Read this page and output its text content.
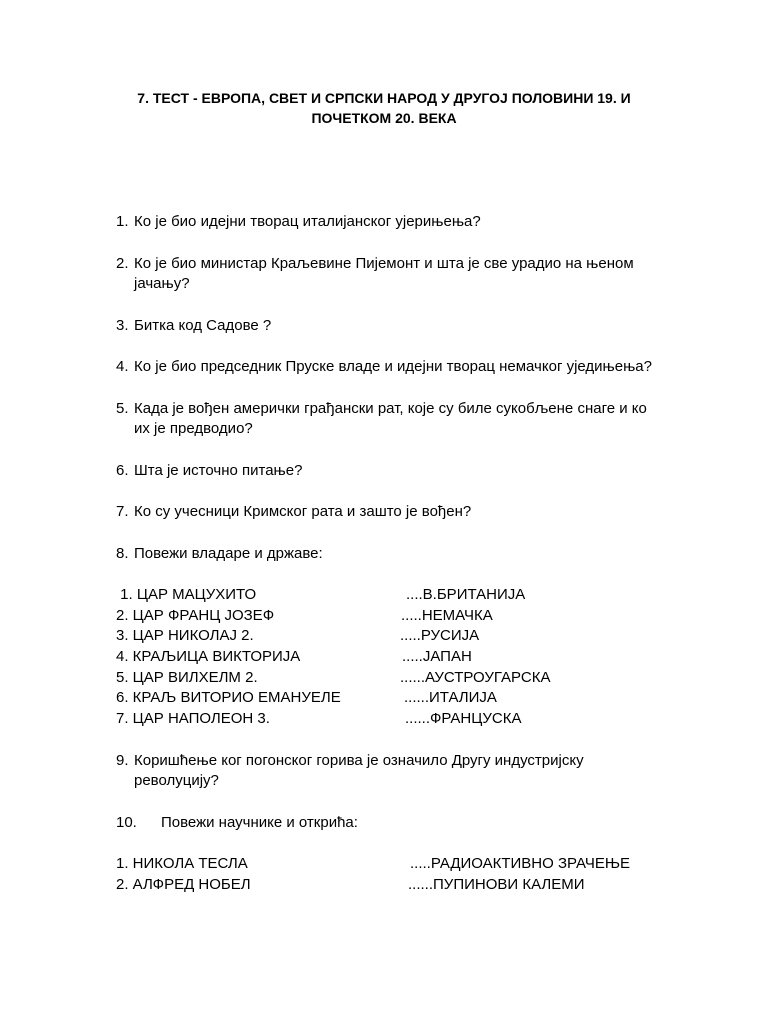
7. ТЕСТ - ЕВРОПА, СВЕТ И СРПСКИ НАРОД У ДРУГОЈ ПОЛОВИНИ 19. И
ПОЧЕТКОМ 20. ВЕКА
1. Ко је био идејни творац италијанског ујерињења?
2. Ко је био министар Краљевине Пијемонт и шта је све урадио на њеном јачању?
3. Битка код Садове ?
4. Ко је био председник Пруске владе и идејни творац немачког уједињења?
5. Када је вођен амерички грађански рат, које су биле сукобљене снаге и ко их је предводио?
6. Шта је источно питање?
7. Ко су учесници Кримског рата и зашто је вођен?
8. Повежи владаре и државе:
1. ЦАР МАЦУХИТО	....В.БРИТАНИЈА
2. ЦАР ФРАНЦ ЈОЗЕФ	.....НЕМАЧКА
3. ЦАР НИКОЛАЈ 2.	.....РУСИЈА
4. КРАЉИЦА ВИКТОРИЈА	.....ЈАПАН
5. ЦАР ВИЛХЕЛМ 2.	......АУСТРОУГАРСКА
6. КРАЉ ВИТОРИО ЕМАНУЕЛЕ	......ИТАЛИЈА
7. ЦАР НАПОЛЕОН 3.	......ФРАНЦУСКА
9. Коришћење ког погонског горива је означило Другу индустријску револуцију?
10.	Повежи научнике и открића:
1. НИКОЛА ТЕСЛА	.....РАДИОАКТИВНО ЗРАЧЕЊЕ
2. АЛФРЕД НОБЕЛ	......ПУПИНОВИ КАЛЕМИ
